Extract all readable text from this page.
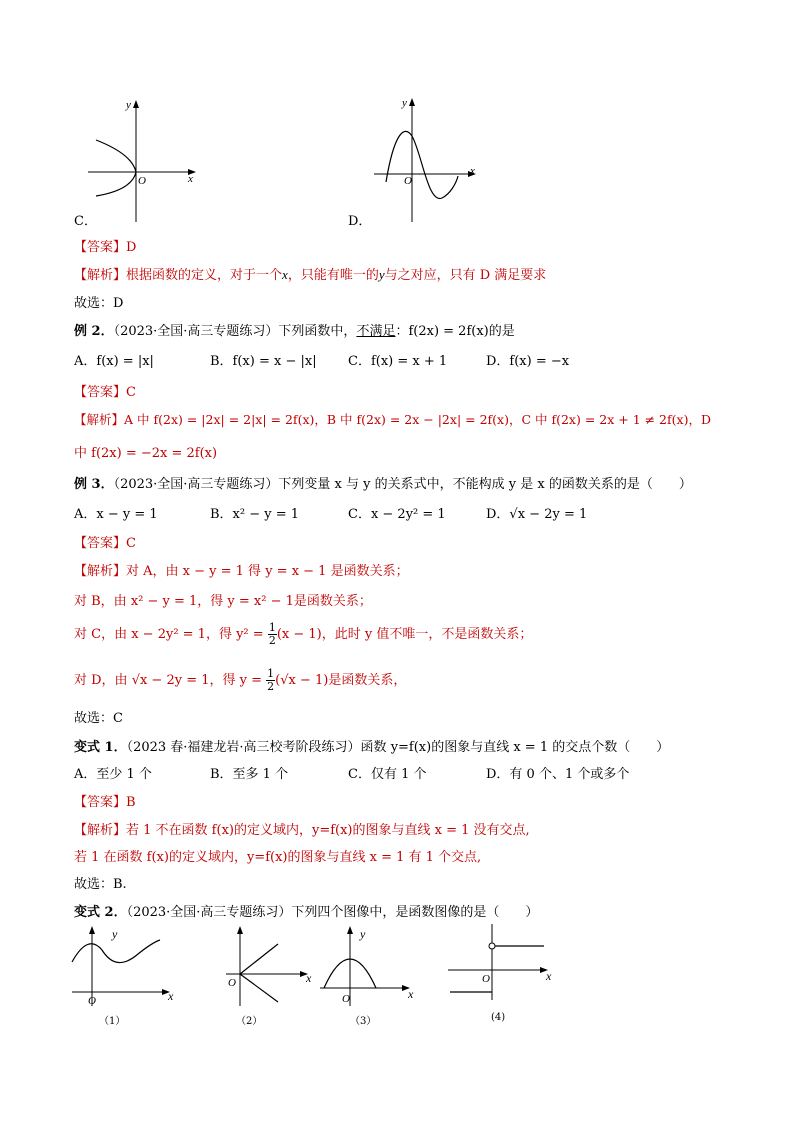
y
x
O
C．
y
x
O
D．
【答案】D
【解析】根据函数的定义，对于一个x，只能有唯一的y与之对应，只有 D 满足要求
故选：D
例 2．（2023·全国·高三专题练习）下列函数中，不满足：f(2x) = 2f(x)的是
A．f(x) = |x|	B．f(x) = x − |x| C．f(x) = x + 1	D．f(x) = −x
【答案】C
【解析】A 中 f(2x) = |2x| = 2|x| = 2f(x)，B 中 f(2x) = 2x − |2x| = 2f(x)，C 中 f(2x) = 2x + 1 ≠ 2f(x)，D
中 f(2x) = −2x = 2f(x)
例 3．（2023·全国·高三专题练习）下列变量 x 与 y 的关系式中，不能构成 y 是 x 的函数关系的是（　　）
A．x − y = 1	B．x² − y = 1	C．x − 2y² = 1	D．√x − 2y = 1
【答案】C
【解析】对 A，由 x − y = 1 得 y = x − 1 是函数关系；
对 B，由 x² − y = 1，得 y = x² − 1是函数关系；
对 C，由 x − 2y² = 1，得 $y^2 = \frac{1}{2} (x - 1)$，此时 y 值不唯一，不是函数关系；
对 D，由 √x − 2y = 1，得 $y = \frac{1}{2} (√x - 1)$是函数关系，
故选：C
变式 1．（2023 春·福建龙岩·高三校考阶段练习）函数 y=f(x)的图象与直线 x = 1 的交点个数（　　）
A．至少 1 个	B．至多 1 个	C．仅有 1 个	D．有 0 个、1 个或多个
【答案】B
【解析】若 1 不在函数 f(x)的定义域内，y=f(x)的图象与直线 x = 1 没有交点,
若 1 在函数 f(x)的定义域内，y=f(x)的图象与直线 x = 1 有 1 个交点,
故选：B.
变式 2．（2023·全国·高三专题练习）下列四个图像中，是函数图像的是（　　）
y
x
O
（1）
x
O
（2）
y
x
O
（3）
x
O
(4)
